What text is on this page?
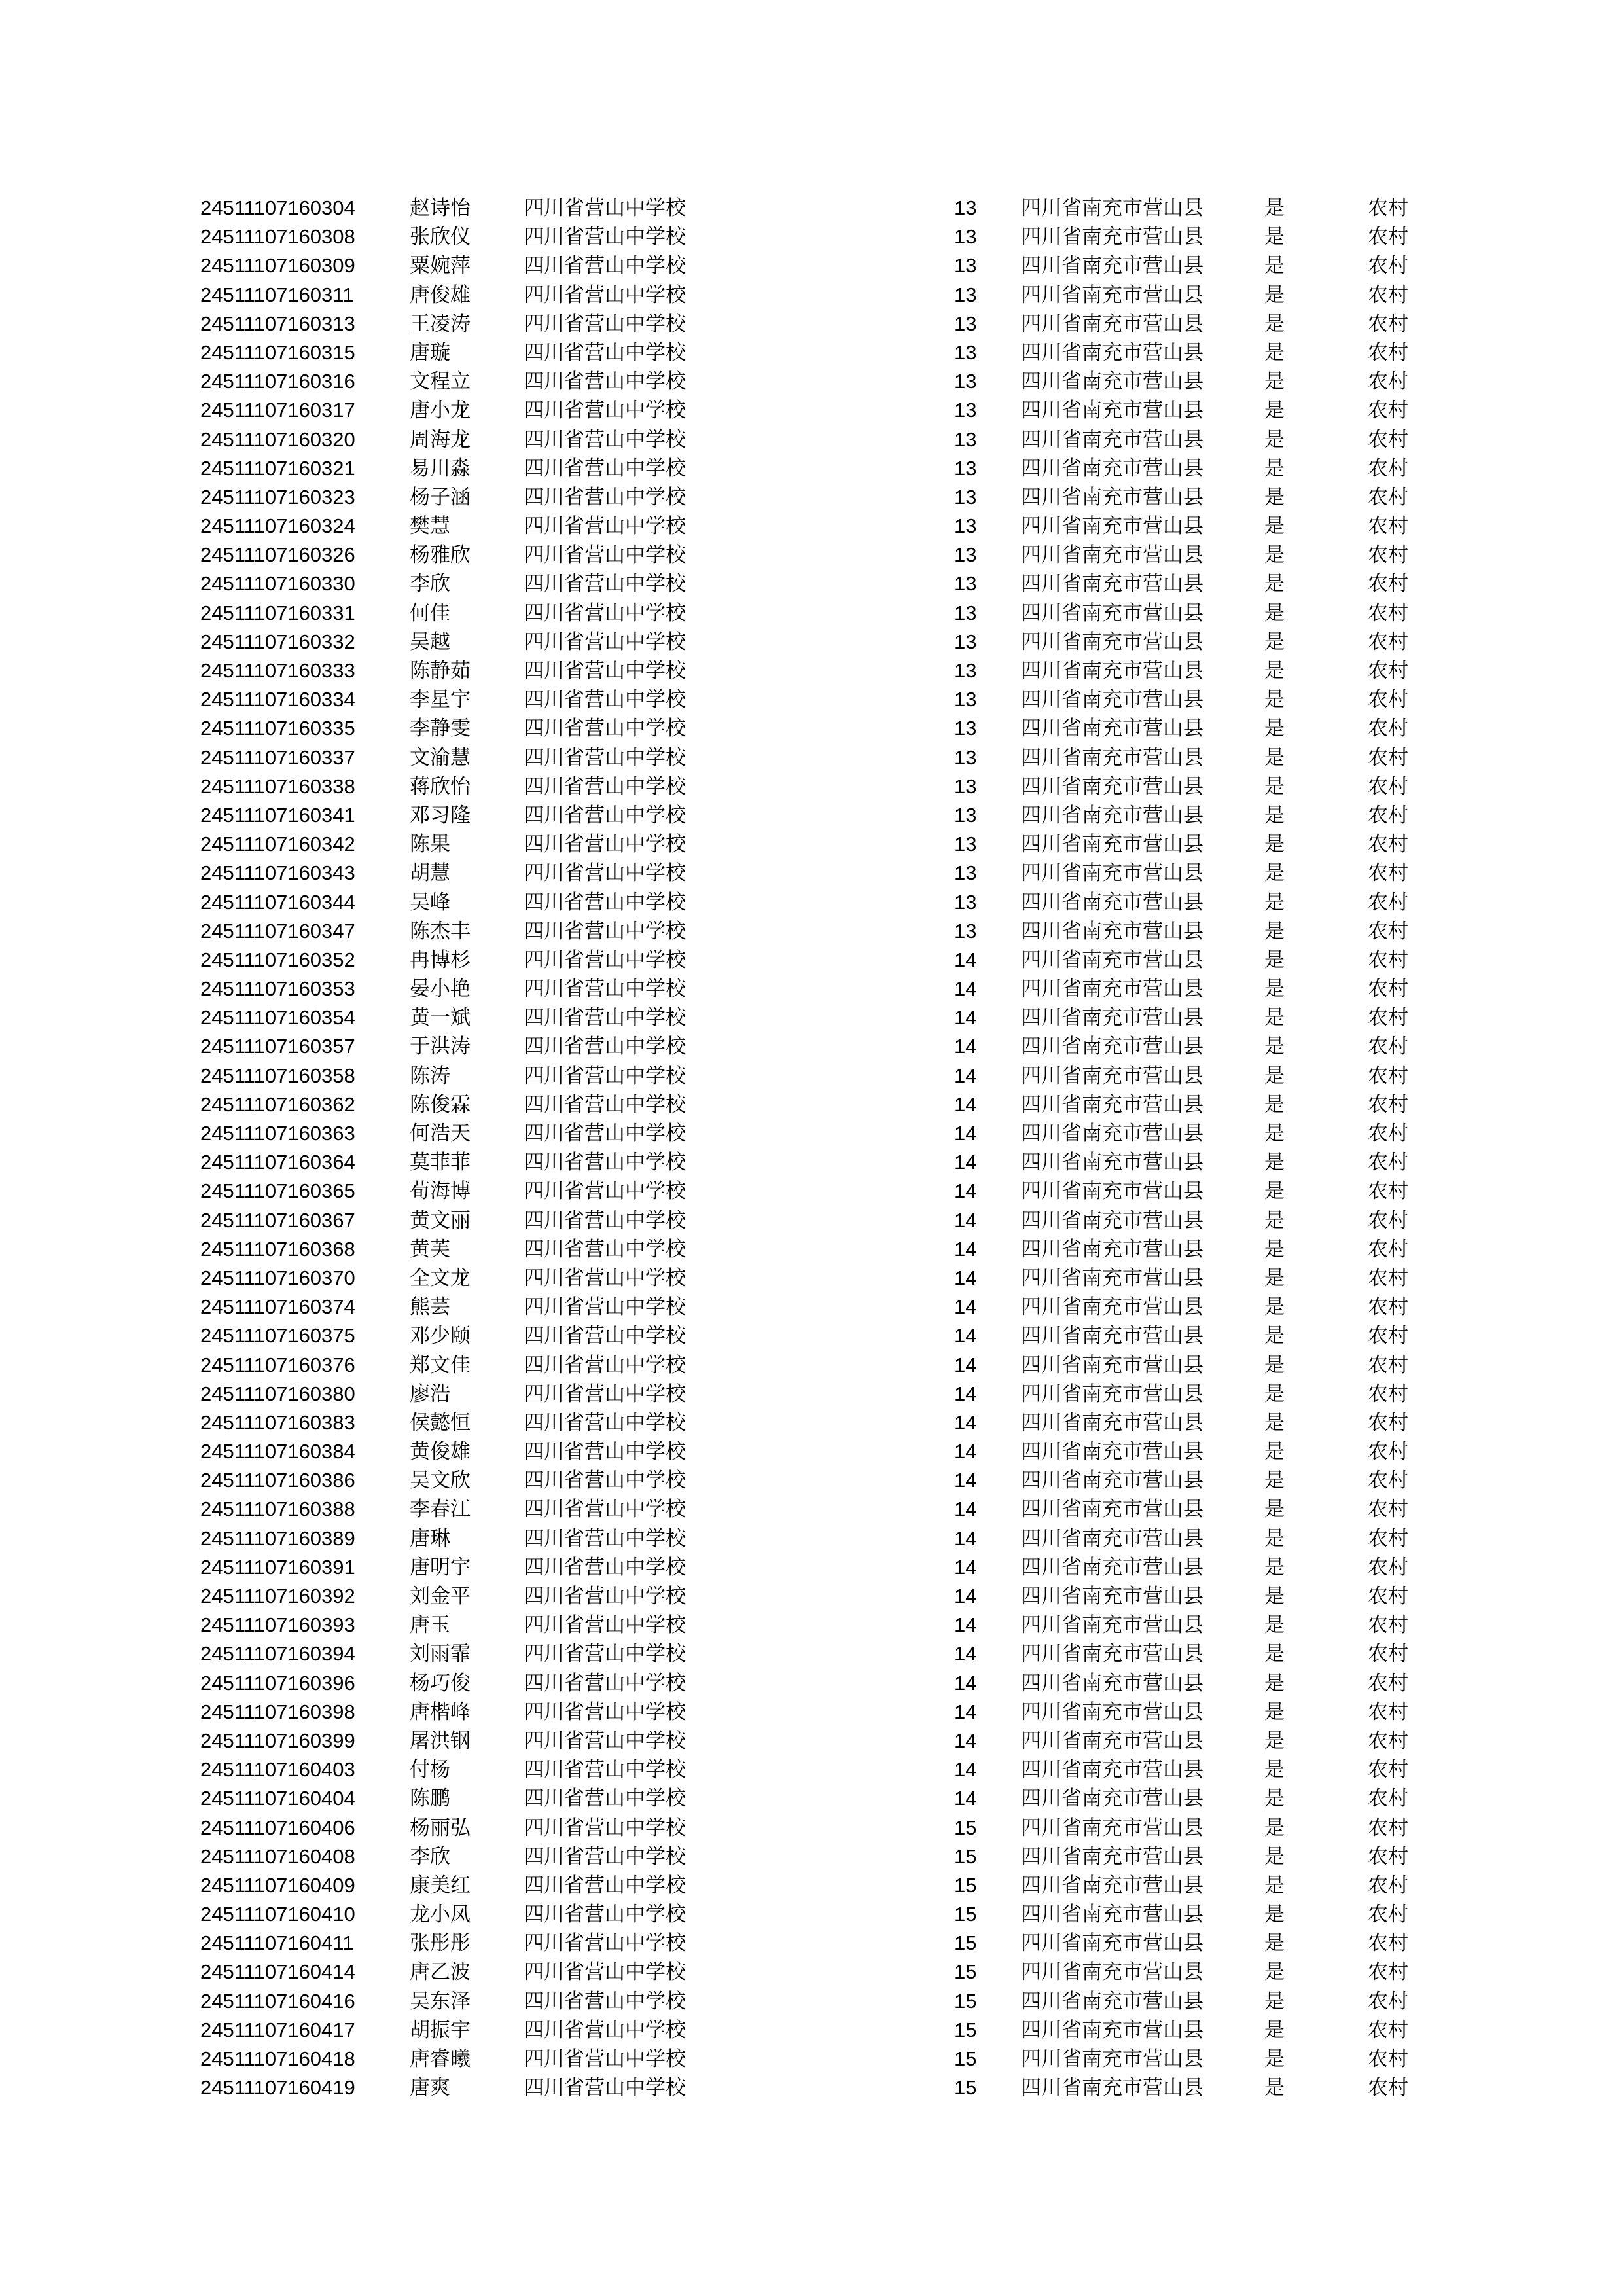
24511107160304	赵诗怡	四川省营山中学校	13 四川省南充市营山县	是	农村
24511107160308	张欣仪	四川省营山中学校	13 四川省南充市营山县	是	农村
24511107160309	粟婉萍	四川省营山中学校	13 四川省南充市营山县	是	农村
24511107160311	唐俊雄	四川省营山中学校	13 四川省南充市营山县	是	农村
24511107160313	王凌涛	四川省营山中学校	13 四川省南充市营山县	是	农村
24511107160315	唐璇	四川省营山中学校	13 四川省南充市营山县	是	农村
24511107160316	文程立	四川省营山中学校	13 四川省南充市营山县	是	农村
24511107160317	唐小龙	四川省营山中学校	13 四川省南充市营山县	是	农村
24511107160320	周海龙	四川省营山中学校	13 四川省南充市营山县	是	农村
24511107160321	易川淼	四川省营山中学校	13 四川省南充市营山县	是	农村
24511107160323	杨子涵	四川省营山中学校	13 四川省南充市营山县	是	农村
24511107160324	樊慧	四川省营山中学校	13 四川省南充市营山县	是	农村
24511107160326	杨雅欣	四川省营山中学校	13 四川省南充市营山县	是	农村
24511107160330	李欣	四川省营山中学校	13 四川省南充市营山县	是	农村
24511107160331	何佳	四川省营山中学校	13 四川省南充市营山县	是	农村
24511107160332	吴越	四川省营山中学校	13 四川省南充市营山县	是	农村
24511107160333	陈静茹	四川省营山中学校	13 四川省南充市营山县	是	农村
24511107160334	李星宇	四川省营山中学校	13 四川省南充市营山县	是	农村
24511107160335	李静雯	四川省营山中学校	13 四川省南充市营山县	是	农村
24511107160337	文渝慧	四川省营山中学校	13 四川省南充市营山县	是	农村
24511107160338	蒋欣怡	四川省营山中学校	13 四川省南充市营山县	是	农村
24511107160341	邓习隆	四川省营山中学校	13 四川省南充市营山县	是	农村
24511107160342	陈果	四川省营山中学校	13 四川省南充市营山县	是	农村
24511107160343	胡慧	四川省营山中学校	13 四川省南充市营山县	是	农村
24511107160344	吴峰	四川省营山中学校	13 四川省南充市营山县	是	农村
24511107160347	陈杰丰	四川省营山中学校	13 四川省南充市营山县	是	农村
24511107160352	冉博杉	四川省营山中学校	14 四川省南充市营山县	是	农村
24511107160353	晏小艳	四川省营山中学校	14 四川省南充市营山县	是	农村
24511107160354	黄一斌	四川省营山中学校	14 四川省南充市营山县	是	农村
24511107160357	于洪涛	四川省营山中学校	14 四川省南充市营山县	是	农村
24511107160358	陈涛	四川省营山中学校	14 四川省南充市营山县	是	农村
24511107160362	陈俊霖	四川省营山中学校	14 四川省南充市营山县	是	农村
24511107160363	何浩天	四川省营山中学校	14 四川省南充市营山县	是	农村
24511107160364	莫菲菲	四川省营山中学校	14 四川省南充市营山县	是	农村
24511107160365	荀海博	四川省营山中学校	14 四川省南充市营山县	是	农村
24511107160367	黄文丽	四川省营山中学校	14 四川省南充市营山县	是	农村
24511107160368	黄芙	四川省营山中学校	14 四川省南充市营山县	是	农村
24511107160370	全文龙	四川省营山中学校	14 四川省南充市营山县	是	农村
24511107160374	熊芸	四川省营山中学校	14 四川省南充市营山县	是	农村
24511107160375	邓少颐	四川省营山中学校	14 四川省南充市营山县	是	农村
24511107160376	郑文佳	四川省营山中学校	14 四川省南充市营山县	是	农村
24511107160380	廖浩	四川省营山中学校	14 四川省南充市营山县	是	农村
24511107160383	侯懿恒	四川省营山中学校	14 四川省南充市营山县	是	农村
24511107160384	黄俊雄	四川省营山中学校	14 四川省南充市营山县	是	农村
24511107160386	吴文欣	四川省营山中学校	14 四川省南充市营山县	是	农村
24511107160388	李春江	四川省营山中学校	14 四川省南充市营山县	是	农村
24511107160389	唐琳	四川省营山中学校	14 四川省南充市营山县	是	农村
24511107160391	唐明宇	四川省营山中学校	14 四川省南充市营山县	是	农村
24511107160392	刘金平	四川省营山中学校	14 四川省南充市营山县	是	农村
24511107160393	唐玉	四川省营山中学校	14 四川省南充市营山县	是	农村
24511107160394	刘雨霏	四川省营山中学校	14 四川省南充市营山县	是	农村
24511107160396	杨巧俊	四川省营山中学校	14 四川省南充市营山县	是	农村
24511107160398	唐楷峰	四川省营山中学校	14 四川省南充市营山县	是	农村
24511107160399	屠洪钢	四川省营山中学校	14 四川省南充市营山县	是	农村
24511107160403	付杨	四川省营山中学校	14 四川省南充市营山县	是	农村
24511107160404	陈鹏	四川省营山中学校	14 四川省南充市营山县	是	农村
24511107160406	杨丽弘	四川省营山中学校	15 四川省南充市营山县	是	农村
24511107160408	李欣	四川省营山中学校	15 四川省南充市营山县	是	农村
24511107160409	康美红	四川省营山中学校	15 四川省南充市营山县	是	农村
24511107160410	龙小凤	四川省营山中学校	15 四川省南充市营山县	是	农村
24511107160411	张彤彤	四川省营山中学校	15 四川省南充市营山县	是	农村
24511107160414	唐乙波	四川省营山中学校	15 四川省南充市营山县	是	农村
24511107160416	吴东泽	四川省营山中学校	15 四川省南充市营山县	是	农村
24511107160417	胡振宇	四川省营山中学校	15 四川省南充市营山县	是	农村
24511107160418	唐睿曦	四川省营山中学校	15 四川省南充市营山县	是	农村
24511107160419	唐爽	四川省营山中学校	15 四川省南充市营山县	是	农村
